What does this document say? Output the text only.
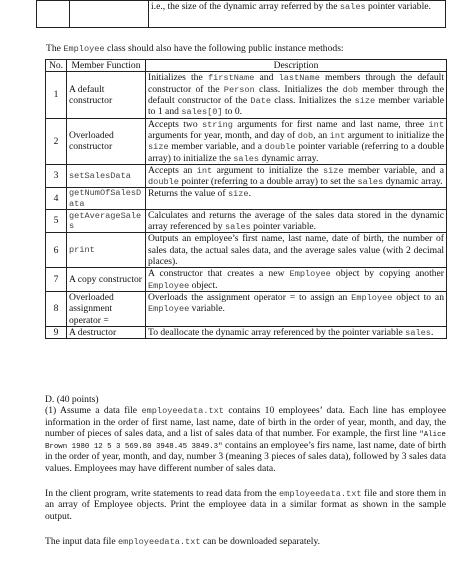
		i.e., the size of the dynamic array referred by the sales pointer variable.
The Employee class should also have the following public instance methods:
No.	Member Function	Description
1	A default constructor	Initializes the firstName and lastName members through the default constructor of the Person class. Initializes the dob member through the default constructor of the Date class. Initializes the size member variable to 1 and sales[0] to 0.
2	Overloaded constructor	Accepts two string arguments for first name and last name, three int arguments for year, month, and day of dob, an int argument to initialize the size member variable, and a double pointer variable (referring to a double array) to initialize the sales dynamic array.
3	setSalesData	Accepts an int argument to initialize the size member variable, and a double pointer (referring to a double array) to set the sales dynamic array.
4	getNumOfSalesData	Returns the value of size.
5	getAverageSales	Calculates and returns the average of the sales data stored in the dynamic array referenced by sales pointer variable.
6	print	Outputs an employee’s first name, last name, date of birth, the number of sales data, the actual sales data, and the average sales value (with 2 decimal places).
7	A copy constructor	A constructor that creates a new Employee object by copying another Employee object.
8	Overloaded assignment operator =	Overloads the assignment operator = to assign an Employee object to an Employee variable.
9	A destructor	To deallocate the dynamic array referenced by the pointer variable sales.

D. (40 points)

(1) Assume a data file employeedata.txt contains 10 employees’ data. Each line has employee information in the order of first name, last name, date of birth in the order of year, month, and day, the number of pieces of sales data, and a list of sales data of that number. For example, the first line "Alice Brown 1980 12 5 3 569.80 3948.45 3849.3" contains an employee’s firs name, last name, date of birth in the order of year, month, and day, number 3 (meaning 3 pieces of sales data), followed by 3 sales data values. Employees may have different number of sales data.

In the client program, write statements to read data from the employeedata.txt file and store them in an array of Employee objects. Print the employee data in a similar format as shown in the sample output.

The input data file employeedata.txt can be downloaded separately.
